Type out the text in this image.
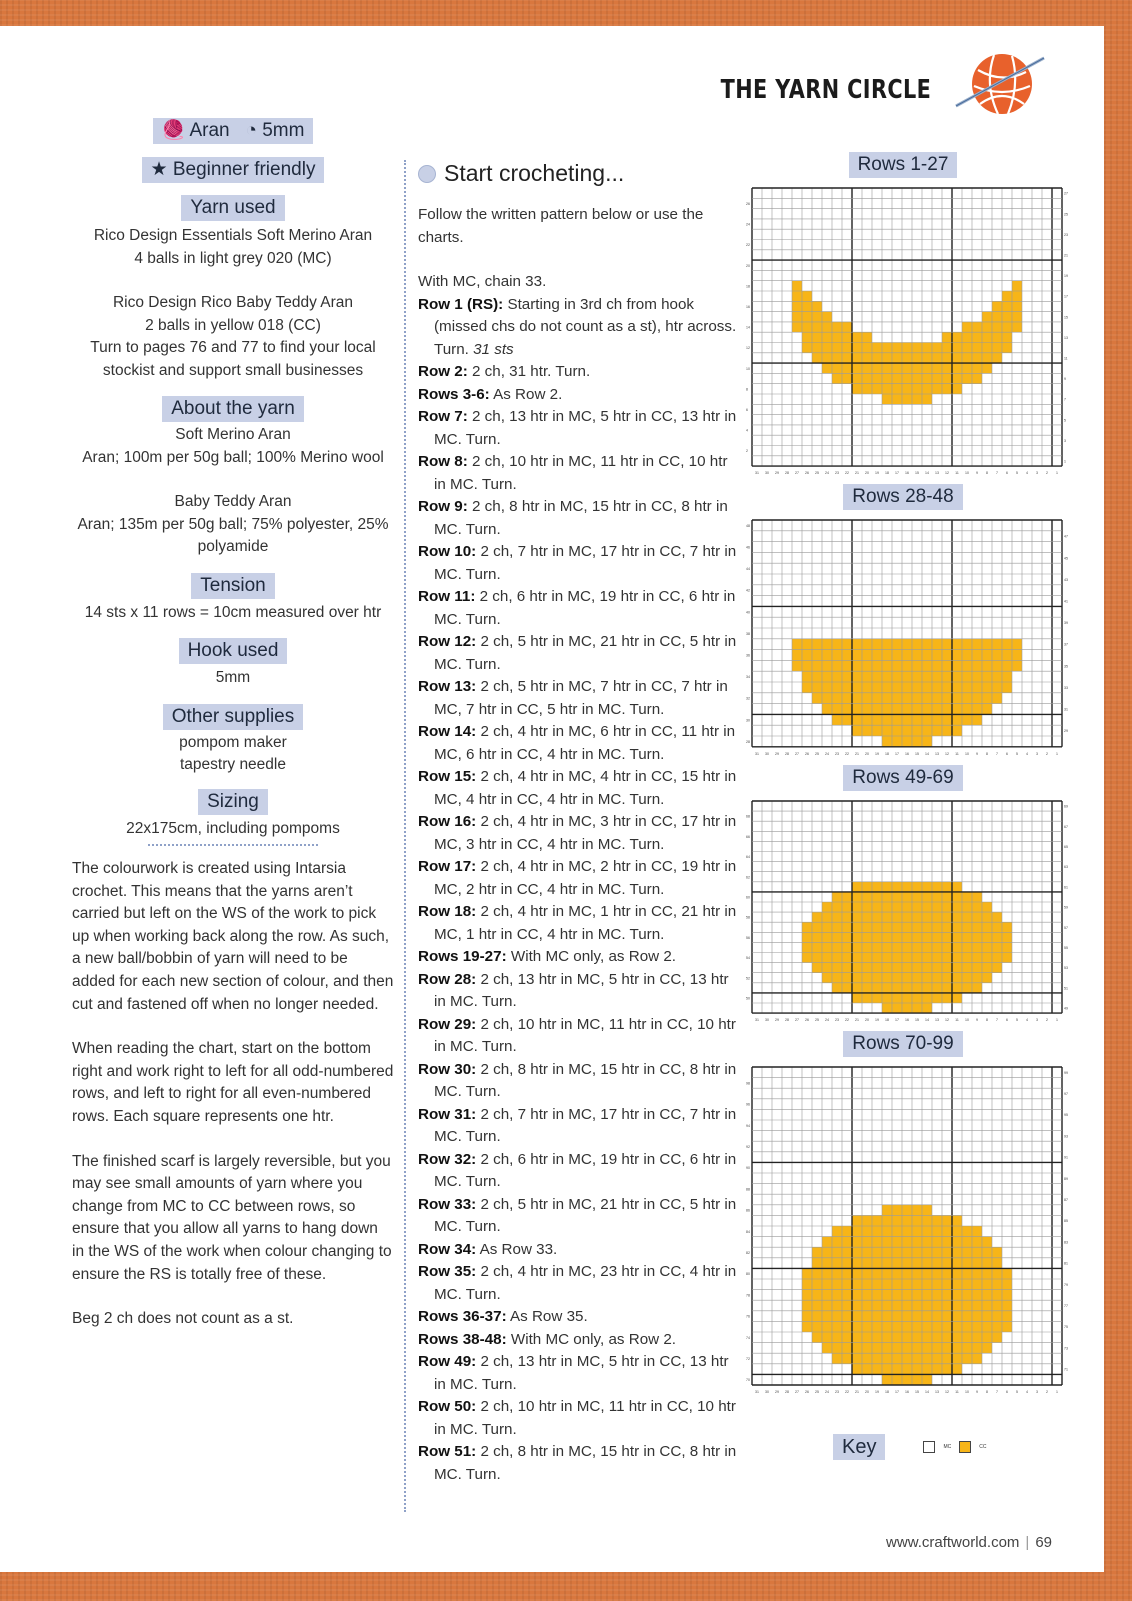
THE YARN CIRCLE
🧶 Aran ◔ 5mm
★ Beginner friendly
Yarn used
Rico Design Essentials Soft Merino Aran
4 balls in light grey 020 (MC)
Rico Design Rico Baby Teddy Aran
2 balls in yellow 018 (CC)
Turn to pages 76 and 77 to find your local stockist and support small businesses
About the yarn
Soft Merino Aran
Aran; 100m per 50g ball; 100% Merino wool
Baby Teddy Aran
Aran; 135m per 50g ball; 75% polyester, 25% polyamide
Tension
14 sts x 11 rows = 10cm measured over htr
Hook used
5mm
Other supplies
pompom maker
tapestry needle
Sizing
22x175cm, including pompoms

The colourwork is created using Intarsia crochet. This means that the yarns aren’t carried but left on the WS of the work to pick up when working back along the row. As such, a new ball/bobbin of yarn will need to be added for each new section of colour, and then cut and fastened off when no longer needed.

When reading the chart, start on the bottom right and work right to left for all odd-numbered rows, and left to right for all even-numbered rows. Each square represents one htr.

The finished scarf is largely reversible, but you may see small amounts of yarn where you change from MC to CC between rows, so ensure that you allow all yarns to hang down in the WS of the work when colour changing to ensure the RS is totally free of these.

Beg 2 ch does not count as a st.

Start crocheting...
Follow the written pattern below or use the charts.
With MC, chain 33.
Row 1 (RS): Starting in 3rd ch from hook (missed chs do not count as a st), htr across. Turn. 31 sts
Row 2: 2 ch, 31 htr. Turn.
Rows 3-6: As Row 2.
Row 7: 2 ch, 13 htr in MC, 5 htr in CC, 13 htr in MC. Turn.
Row 8: 2 ch, 10 htr in MC, 11 htr in CC, 10 htr in MC. Turn.
Row 9: 2 ch, 8 htr in MC, 15 htr in CC, 8 htr in MC. Turn.
Row 10: 2 ch, 7 htr in MC, 17 htr in CC, 7 htr in MC. Turn.
Row 11: 2 ch, 6 htr in MC, 19 htr in CC, 6 htr in MC. Turn.
Row 12: 2 ch, 5 htr in MC, 21 htr in CC, 5 htr in MC. Turn.
Row 13: 2 ch, 5 htr in MC, 7 htr in CC, 7 htr in MC, 7 htr in CC, 5 htr in MC. Turn.
Row 14: 2 ch, 4 htr in MC, 6 htr in CC, 11 htr in MC, 6 htr in CC, 4 htr in MC. Turn.
Row 15: 2 ch, 4 htr in MC, 4 htr in CC, 15 htr in MC, 4 htr in CC, 4 htr in MC. Turn.
Row 16: 2 ch, 4 htr in MC, 3 htr in CC, 17 htr in MC, 3 htr in CC, 4 htr in MC. Turn.
Row 17: 2 ch, 4 htr in MC, 2 htr in CC, 19 htr in MC, 2 htr in CC, 4 htr in MC. Turn.
Row 18: 2 ch, 4 htr in MC, 1 htr in CC, 21 htr in MC, 1 htr in CC, 4 htr in MC. Turn.
Rows 19-27: With MC only, as Row 2.
Row 28: 2 ch, 13 htr in MC, 5 htr in CC, 13 htr in MC. Turn.
Row 29: 2 ch, 10 htr in MC, 11 htr in CC, 10 htr in MC. Turn.
Row 30: 2 ch, 8 htr in MC, 15 htr in CC, 8 htr in MC. Turn.
Row 31: 2 ch, 7 htr in MC, 17 htr in CC, 7 htr in MC. Turn.
Row 32: 2 ch, 6 htr in MC, 19 htr in CC, 6 htr in MC. Turn.
Row 33: 2 ch, 5 htr in MC, 21 htr in CC, 5 htr in MC. Turn.
Row 34: As Row 33.
Row 35: 2 ch, 4 htr in MC, 23 htr in CC, 4 htr in MC. Turn.
Rows 36-37: As Row 35.
Rows 38-48: With MC only, as Row 2.
Row 49: 2 ch, 13 htr in MC, 5 htr in CC, 13 htr in MC. Turn.
Row 50: 2 ch, 10 htr in MC, 11 htr in CC, 10 htr in MC. Turn.
Row 51: 2 ch, 8 htr in MC, 15 htr in CC, 8 htr in MC. Turn.
Rows 1-27
31 30 29 28 27 26 25 24 23 22 21 20 19 18 17 16 15 14 13 12 11 10 9 8 7 6 5 4 3 2 1
1
2
3
4
5
6
7
8
9
10
11
12
13
14
15
16
17
18
19
20
21
22
23
24
25
26
27
Rows 28-48
31 30 29 28 27 26 25 24 23 22 21 20 19 18 17 16 15 14 13 12 11 10 9 8 7 6 5 4 3 2 1
28
29
30
31
32
33
34
35
36
37
38
39
40
41
42
43
44
45
46
47
48
Rows 49-69
31 30 29 28 27 26 25 24 23 22 21 20 19 18 17 16 15 14 13 12 11 10 9 8 7 6 5 4 3 2 1
49
50
51
52
53
54
55
56
57
58
59
60
61
62
63
64
65
66
67
68
69
Rows 70-99
31 30 29 28 27 26 25 24 23 22 21 20 19 18 17 16 15 14 13 12 11 10 9 8 7 6 5 4 3 2 1
70
71
72
73
74
75
76
77
78
79
80
81
82
83
84
85
86
87
88
89
90
91
92
93
94
95
96
97
98
99
Key	MC	CC
www.craftworld.com | 69
